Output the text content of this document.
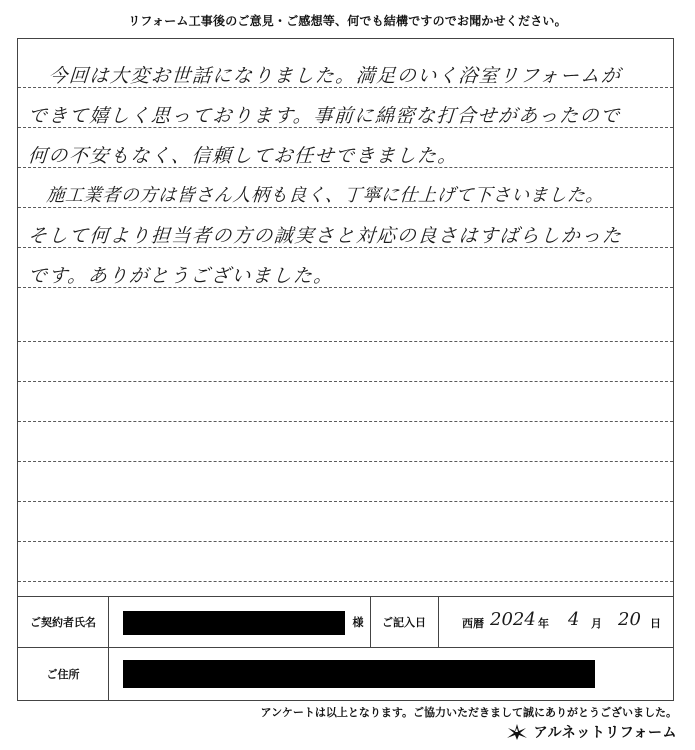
リフォーム工事後のご意見・ご感想等、何でも結構ですのでお聞かせください。
　今回は大変お世話になりました。満足のいく浴室リフォームが
できて嬉しく思っております。事前に綿密な打合せがあったので
何の不安もなく、信頼してお任せできました。
　施工業者の方は皆さん人柄も良く、丁寧に仕上げて下さいました。
そして何より担当者の方の誠実さと対応の良さはすばらしかった
です。ありがとうございました。
ご契約者氏名	様	ご記入日	西暦 2024 年 4 月 20 日
ご住所
アンケートは以上となります。ご協力いただきまして誠にありがとうございました。
アルネットリフォーム
